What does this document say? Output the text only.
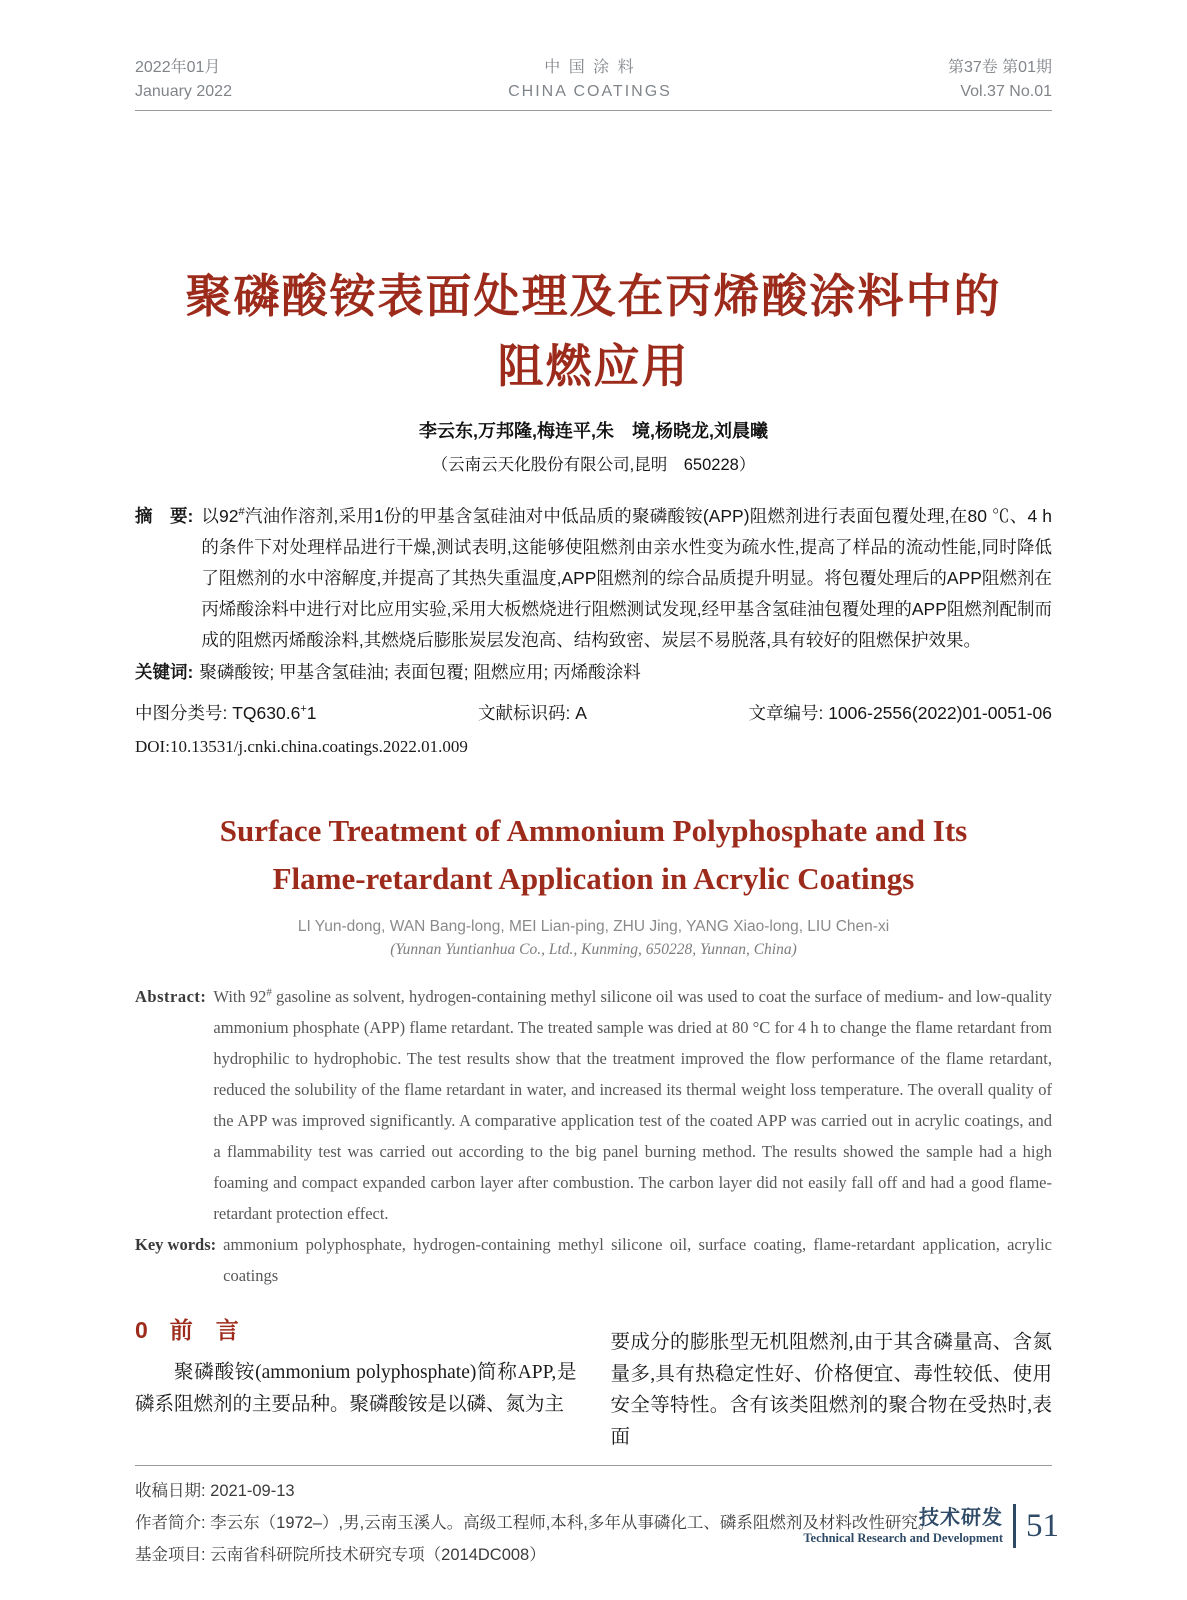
2022年01月
January 2022
中 国 涂 料
CHINA COATINGS
第37卷 第01期
Vol.37 No.01
聚磷酸铵表面处理及在丙烯酸涂料中的
阻燃应用
李云东,万邦隆,梅连平,朱　境,杨晓龙,刘晨曦
（云南云天化股份有限公司,昆明　650228）
摘　要: 以92#汽油作溶剂,采用1份的甲基含氢硅油对中低品质的聚磷酸铵(APP)阻燃剂进行表面包覆处理,在80 ℃、4 h的条件下对处理样品进行干燥,测试表明,这能够使阻燃剂由亲水性变为疏水性,提高了样品的流动性能,同时降低了阻燃剂的水中溶解度,并提高了其热失重温度,APP阻燃剂的综合品质提升明显。将包覆处理后的APP阻燃剂在丙烯酸涂料中进行对比应用实验,采用大板燃烧进行阻燃测试发现,经甲基含氢硅油包覆处理的APP阻燃剂配制而成的阻燃丙烯酸涂料,其燃烧后膨胀炭层发泡高、结构致密、炭层不易脱落,具有较好的阻燃保护效果。
关键词: 聚磷酸铵; 甲基含氢硅油; 表面包覆; 阻燃应用; 丙烯酸涂料
中图分类号: TQ630.6+1	文献标识码: A	文章编号: 1006-2556(2022)01-0051-06
DOI:10.13531/j.cnki.china.coatings.2022.01.009
Surface Treatment of Ammonium Polyphosphate and Its
Flame-retardant Application in Acrylic Coatings
LI Yun-dong, WAN Bang-long, MEI Lian-ping, ZHU Jing, YANG Xiao-long, LIU Chen-xi
(Yunnan Yuntianhua Co., Ltd., Kunming, 650228, Yunnan, China)
Abstract: With 92# gasoline as solvent, hydrogen-containing methyl silicone oil was used to coat the surface of medium- and low-quality ammonium phosphate (APP) flame retardant. The treated sample was dried at 80 °C for 4 h to change the flame retardant from hydrophilic to hydrophobic. The test results show that the treatment improved the flow performance of the flame retardant, reduced the solubility of the flame retardant in water, and increased its thermal weight loss temperature. The overall quality of the APP was improved significantly. A comparative application test of the coated APP was carried out in acrylic coatings, and a flammability test was carried out according to the big panel burning method. The results showed the sample had a high foaming and compact expanded carbon layer after combustion. The carbon layer did not easily fall off and had a good flame-retardant protection effect.
Key words: ammonium polyphosphate, hydrogen-containing methyl silicone oil, surface coating, flame-retardant application, acrylic coatings
0 前　言

聚磷酸铵(ammonium polyphosphate)简称APP,是磷系阻燃剂的主要品种。聚磷酸铵是以磷、氮为主

要成分的膨胀型无机阻燃剂,由于其含磷量高、含氮量多,具有热稳定性好、价格便宜、毒性较低、使用安全等特性。含有该类阻燃剂的聚合物在受热时,表面

收稿日期: 2021-09-13
作者简介: 李云东（1972–）,男,云南玉溪人。高级工程师,本科,多年从事磷化工、磷系阻燃剂及材料改性研究。
基金项目: 云南省科研院所技术研究专项（2014DC008）
技术研发
Technical Research and Development 51
